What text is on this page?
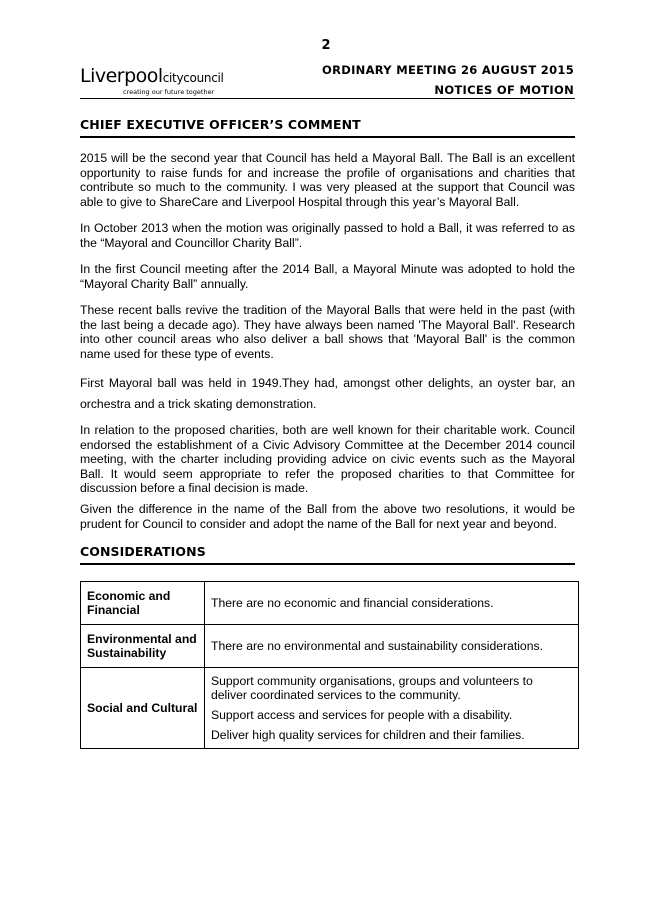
2
Liverpoolcitycouncil
creating our future together
ORDINARY MEETING 26 AUGUST 2015
NOTICES OF MOTION
CHIEF EXECUTIVE OFFICER’S COMMENT

2015 will be the second year that Council has held a Mayoral Ball. The Ball is an excellent opportunity to raise funds for and increase the profile of organisations and charities that contribute so much to the community. I was very pleased at the support that Council was able to give to ShareCare and Liverpool Hospital through this year’s Mayoral Ball.

In October 2013 when the motion was originally passed to hold a Ball, it was referred to as the “Mayoral and Councillor Charity Ball”.

In the first Council meeting after the 2014 Ball, a Mayoral Minute was adopted to hold the “Mayoral Charity Ball” annually.

These recent balls revive the tradition of the Mayoral Balls that were held in the past (with the last being a decade ago). They have always been named 'The Mayoral Ball'. Research into other council areas who also deliver a ball shows that 'Mayoral Ball' is the common name used for these type of events.

First Mayoral ball was held in 1949.They had, amongst other delights, an oyster bar, an orchestra and a trick skating demonstration.

In relation to the proposed charities, both are well known for their charitable work. Council endorsed the establishment of a Civic Advisory Committee at the December 2014 council meeting, with the charter including providing advice on civic events such as the Mayoral Ball. It would seem appropriate to refer the proposed charities to that Committee for discussion before a final decision is made.

Given the difference in the name of the Ball from the above two resolutions, it would be prudent for Council to consider and adopt the name of the Ball for next year and beyond.

CONSIDERATIONS
Economic and Financial	There are no economic and financial considerations.

Environmental and Sustainability	There are no environmental and sustainability considerations.

Social and Cultural	Support community organisations, groups and volunteers to deliver coordinated services to the community.
Support access and services for people with a disability.
Deliver high quality services for children and their families.
